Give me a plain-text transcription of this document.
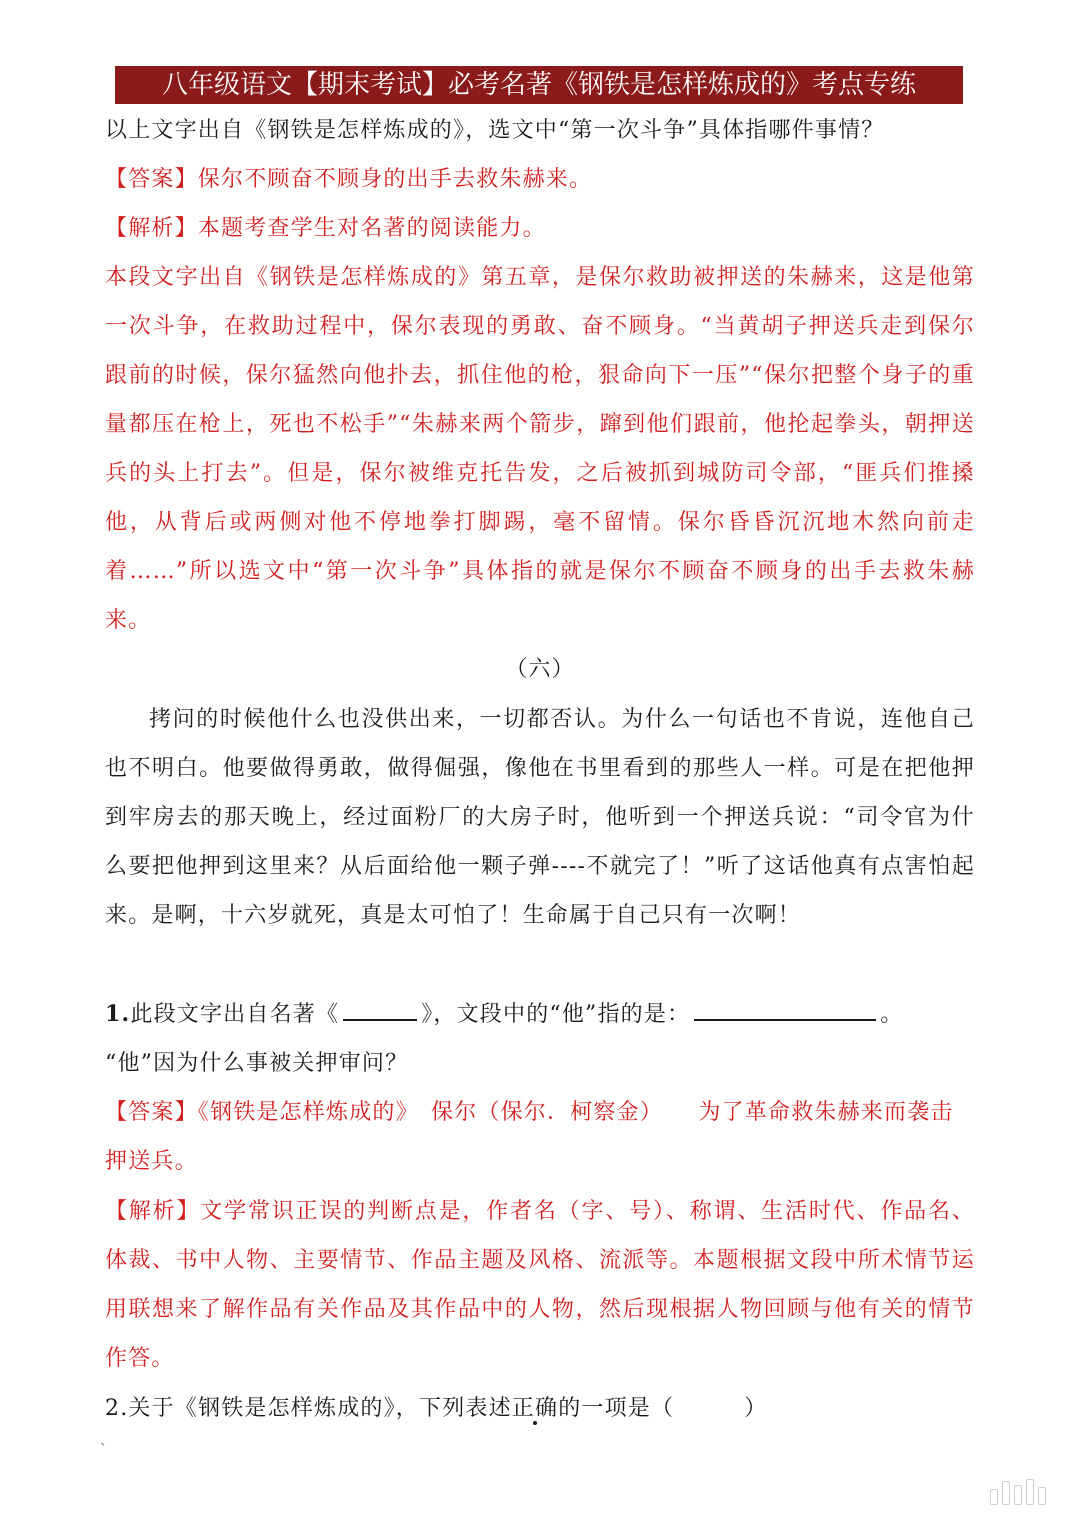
八年级语文【期末考试】必考名著《钢铁是怎样炼成的》考点专练
以上文字出自《钢铁是怎样炼成的》，选文中“第一次斗争”具体指哪件事情？
【答案】保尔不顾奋不顾身的出手去救朱赫来。
【解析】本题考查学生对名著的阅读能力。
本段文字出自《钢铁是怎样炼成的》第五章，是保尔救助被押送的朱赫来，这是他第一次斗争，在救助过程中，保尔表现的勇敢、奋不顾身。“当黄胡子押送兵走到保尔跟前的时候，保尔猛然向他扑去，抓住他的枪，狠命向下一压”“保尔把整个身子的重量都压在枪上，死也不松手”“朱赫来两个箭步，蹿到他们跟前，他抡起拳头，朝押送兵的头上打去”。但是，保尔被维克托告发，之后被抓到城防司令部，“匪兵们推搡他，从背后或两侧对他不停地拳打脚踢，毫不留情。保尔昏昏沉沉地木然向前走着……”所以选文中“第一次斗争”具体指的就是保尔不顾奋不顾身的出手去救朱赫来。
（六）
拷问的时候他什么也没供出来，一切都否认。为什么一句话也不肯说，连他自己也不明白。他要做得勇敢，做得倔强，像他在书里看到的那些人一样。可是在把他押到牢房去的那天晚上，经过面粉厂的大房子时，他听到一个押送兵说：“司令官为什么要把他押到这里来？从后面给他一颗子弹----不就完了！”听了这话他真有点害怕起来。是啊，十六岁就死，真是太可怕了！生命属于自己只有一次啊！
1.此段文字出自名著《	》，文段中的“他”指的是：	。
“他”因为什么事被关押审问？
【答案】《钢铁是怎样炼成的》　保尔（保尔．柯察金）　　为了革命救朱赫来而袭击押送兵。
【解析】文学常识正误的判断点是，作者名（字、号）、称谓、生活时代、作品名、体裁、书中人物、主要情节、作品主题及风格、流派等。本题根据文段中所术情节运用联想来了解作品有关作品及其作品中的人物，然后现根据人物回顾与他有关的情节作答。
2.关于《钢铁是怎样炼成的》，下列表述正确的一项是（	）
`
